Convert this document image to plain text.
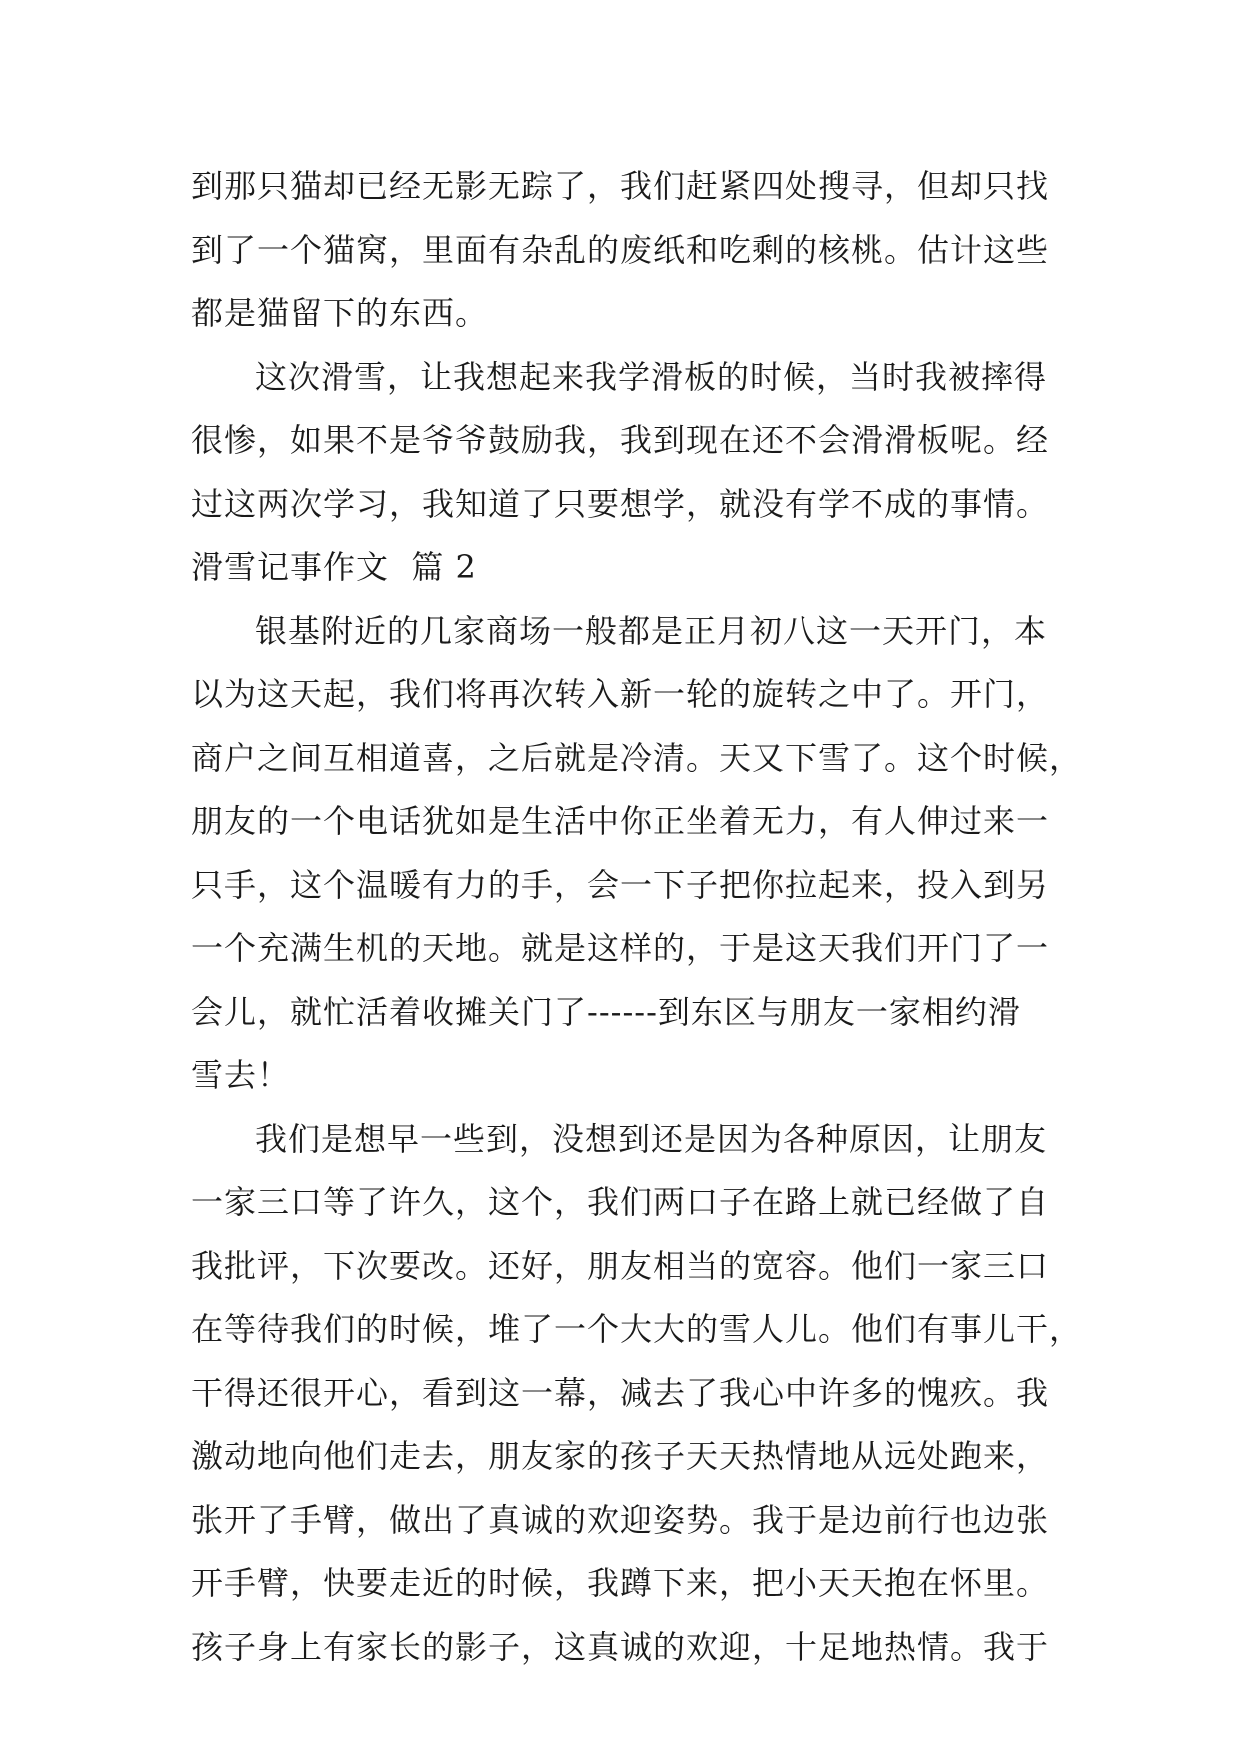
到那只猫却已经无影无踪了，我们赶紧四处搜寻，但却只找
到了一个猫窝，里面有杂乱的废纸和吃剩的核桃。估计这些
都是猫留下的东西。
这次滑雪，让我想起来我学滑板的时候，当时我被摔得
很惨，如果不是爷爷鼓励我，我到现在还不会滑滑板呢。经
过这两次学习，我知道了只要想学，就没有学不成的事情。
滑雪记事作文  篇 2
银基附近的几家商场一般都是正月初八这一天开门，本
以为这天起，我们将再次转入新一轮的旋转之中了。开门，
商户之间互相道喜，之后就是冷清。天又下雪了。这个时候，
朋友的一个电话犹如是生活中你正坐着无力，有人伸过来一
只手，这个温暖有力的手，会一下子把你拉起来，投入到另
一个充满生机的天地。就是这样的，于是这天我们开门了一
会儿，就忙活着收摊关门了------到东区与朋友一家相约滑
雪去！
我们是想早一些到，没想到还是因为各种原因，让朋友
一家三口等了许久，这个，我们两口子在路上就已经做了自
我批评，下次要改。还好，朋友相当的宽容。他们一家三口
在等待我们的时候，堆了一个大大的雪人儿。他们有事儿干，
干得还很开心，看到这一幕，减去了我心中许多的愧疚。我
激动地向他们走去，朋友家的孩子天天热情地从远处跑来，
张开了手臂，做出了真诚的欢迎姿势。我于是边前行也边张
开手臂，快要走近的时候，我蹲下来，把小天天抱在怀里。
孩子身上有家长的影子，这真诚的欢迎，十足地热情。我于
